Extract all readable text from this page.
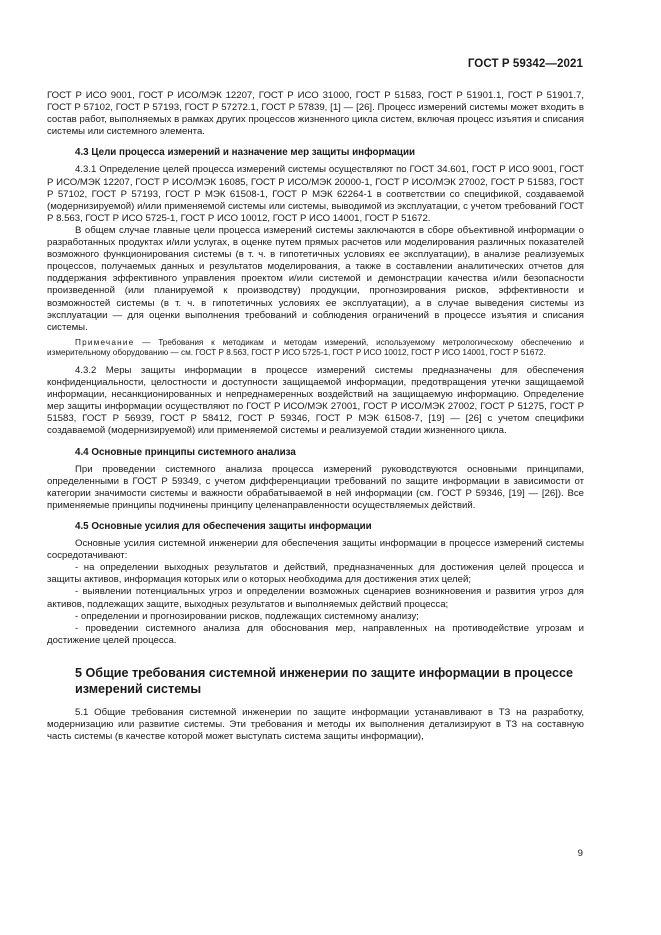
ГОСТ Р 59342—2021

ГОСТ Р ИСО 9001, ГОСТ Р ИСО/МЭК 12207, ГОСТ Р ИСО 31000, ГОСТ Р 51583, ГОСТ Р 51901.1, ГОСТ Р 51901.7, ГОСТ Р 57102, ГОСТ Р 57193, ГОСТ Р 57272.1, ГОСТ Р 57839, [1] — [26]. Процесс измерений системы может входить в состав работ, выполняемых в рамках других процессов жизненного цикла систем, включая процесс изъятия и списания системы или системного элемента.

4.3 Цели процесса измерений и назначение мер защиты информации

4.3.1 Определение целей процесса измерений системы осуществляют по ГОСТ 34.601, ГОСТ Р ИСО 9001, ГОСТ Р ИСО/МЭК 12207, ГОСТ Р ИСО/МЭК 16085, ГОСТ Р ИСО/МЭК 20000-1, ГОСТ Р ИСО/МЭК 27002, ГОСТ Р 51583, ГОСТ Р 57102, ГОСТ Р 57193, ГОСТ Р МЭК 61508-1, ГОСТ Р МЭК 62264-1 в соответствии со спецификой, создаваемой (модернизируемой) и/или применяемой системы или системы, выводимой из эксплуатации, с учетом требований ГОСТ Р 8.563, ГОСТ Р ИСО 5725-1, ГОСТ Р ИСО 10012, ГОСТ Р ИСО 14001, ГОСТ Р 51672.

В общем случае главные цели процесса измерений системы заключаются в сборе объективной информации о разработанных продуктах и/или услугах, в оценке путем прямых расчетов или моделирования различных показателей возможного функционирования системы (в т. ч. в гипотетичных условиях ее эксплуатации), в анализе реализуемых процессов, получаемых данных и результатов моделирования, а также в составлении аналитических отчетов для поддержания эффективного управления проектом и/или системой и демонстрации качества и/или безопасности произведенной (или планируемой к производству) продукции, прогнозирования рисков, эффективности и возможностей системы (в т. ч. в гипотетичных условиях ее эксплуатации), а в случае выведения системы из эксплуатации — для оценки выполнения требований и соблюдения ограничений в процессе изъятия и списания системы.

Примечание — Требования к методикам и методам измерений, используемому метрологическому обеспечению и измерительному оборудованию — см. ГОСТ Р 8.563, ГОСТ Р ИСО 5725-1, ГОСТ Р ИСО 10012, ГОСТ Р ИСО 14001, ГОСТ Р 51672.

4.3.2 Меры защиты информации в процессе измерений системы предназначены для обеспечения конфиденциальности, целостности и доступности защищаемой информации, предотвращения утечки защищаемой информации, несанкционированных и непреднамеренных воздействий на защищаемую информацию. Определение мер защиты информации осуществляют по ГОСТ Р ИСО/МЭК 27001, ГОСТ Р ИСО/МЭК 27002, ГОСТ Р 51275, ГОСТ Р 51583, ГОСТ Р 56939, ГОСТ Р 58412, ГОСТ Р 59346, ГОСТ Р МЭК 61508-7, [19] — [26] с учетом специфики создаваемой (модернизируемой) или применяемой системы и реализуемой стадии жизненного цикла.

4.4 Основные принципы системного анализа

При проведении системного анализа процесса измерений руководствуются основными принципами, определенными в ГОСТ Р 59349, с учетом дифференциации требований по защите информации в зависимости от категории значимости системы и важности обрабатываемой в ней информации (см. ГОСТ Р 59346, [19] — [26]). Все применяемые принципы подчинены принципу целенаправленности осуществляемых действий.

4.5 Основные усилия для обеспечения защиты информации

Основные усилия системной инженерии для обеспечения защиты информации в процессе измерений системы сосредотачивают:

- на определении выходных результатов и действий, предназначенных для достижения целей процесса и защиты активов, информация которых или о которых необходима для достижения этих целей;

- выявлении потенциальных угроз и определении возможных сценариев возникновения и развития угроз для активов, подлежащих защите, выходных результатов и выполняемых действий процесса;

- определении и прогнозировании рисков, подлежащих системному анализу;

- проведении системного анализа для обоснования мер, направленных на противодействие угрозам и достижение целей процесса.

5 Общие требования системной инженерии по защите информации в процессе измерений системы

5.1 Общие требования системной инженерии по защите информации устанавливают в ТЗ на разработку, модернизацию или развитие системы. Эти требования и методы их выполнения детализируют в ТЗ на составную часть системы (в качестве которой может выступать система защиты информации),

9
